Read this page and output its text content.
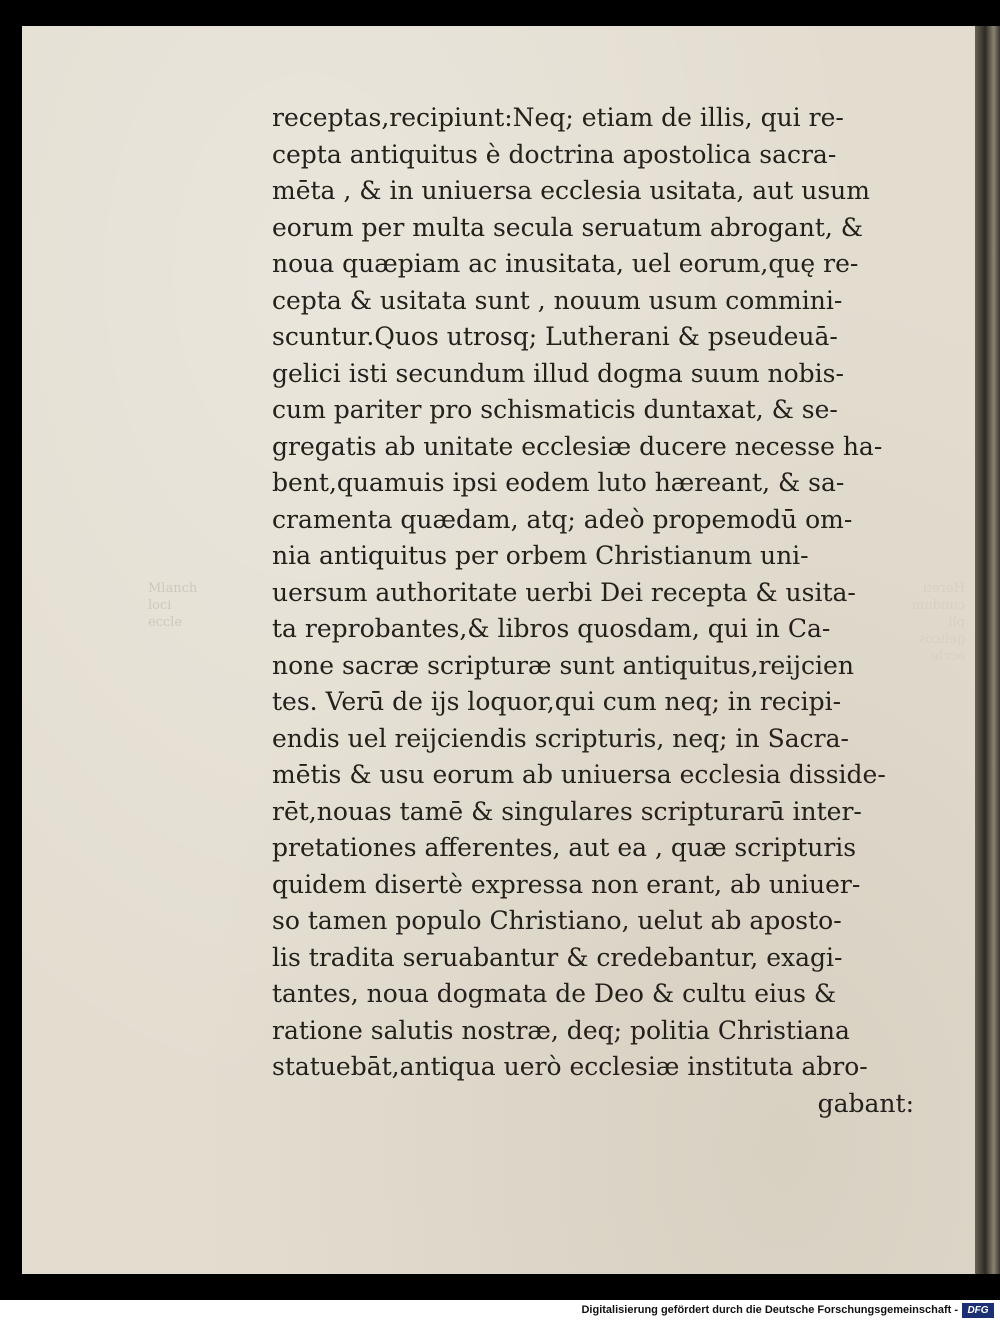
Mlanch
loci
eccle
Hereti
cundum
pli
gelicos
eccle
receptas,recipiunt:Neq; etiam de illis, qui re-
cepta antiquitus è doctrina apostolica sacra-
mēta , & in uniuersa ecclesia usitata, aut usum
eorum per multa secula seruatum abrogant, &
noua quæpiam ac inusitata, uel eorum,quę re-
cepta & usitata sunt , nouum usum commini-
scuntur.Quos utrosq; Lutherani & pseudeuā-
gelici isti secundum illud dogma suum nobis-
cum pariter pro schismaticis duntaxat, & se-
gregatis ab unitate ecclesiæ ducere necesse ha-
bent,quamuis ipsi eodem luto hæreant, & sa-
cramenta quædam, atq; adeò propemodū om-
nia antiquitus per orbem Christianum uni-
uersum authoritate uerbi Dei recepta & usita-
ta reprobantes,& libros quosdam, qui in Ca-
none sacræ scripturæ sunt antiquitus,reijcien
tes. Verū de ijs loquor,qui cum neq; in recipi-
endis uel reijciendis scripturis, neq; in Sacra-
mētis & usu eorum ab uniuersa ecclesia disside-
rēt,nouas tamē & singulares scripturarū inter-
pretationes afferentes, aut ea , quæ scripturis
quidem disertè expressa non erant, ab uniuer-
so tamen populo Christiano, uelut ab aposto-
lis tradita seruabantur & credebantur, exagi-
tantes, noua dogmata de Deo & cultu eius &
ratione salutis nostræ, deq; politia Christiana
statuebāt,antiqua uerò ecclesiæ instituta abro-
gabant:
Digitalisierung gefördert durch die Deutsche Forschungsgemeinschaft - DFG
